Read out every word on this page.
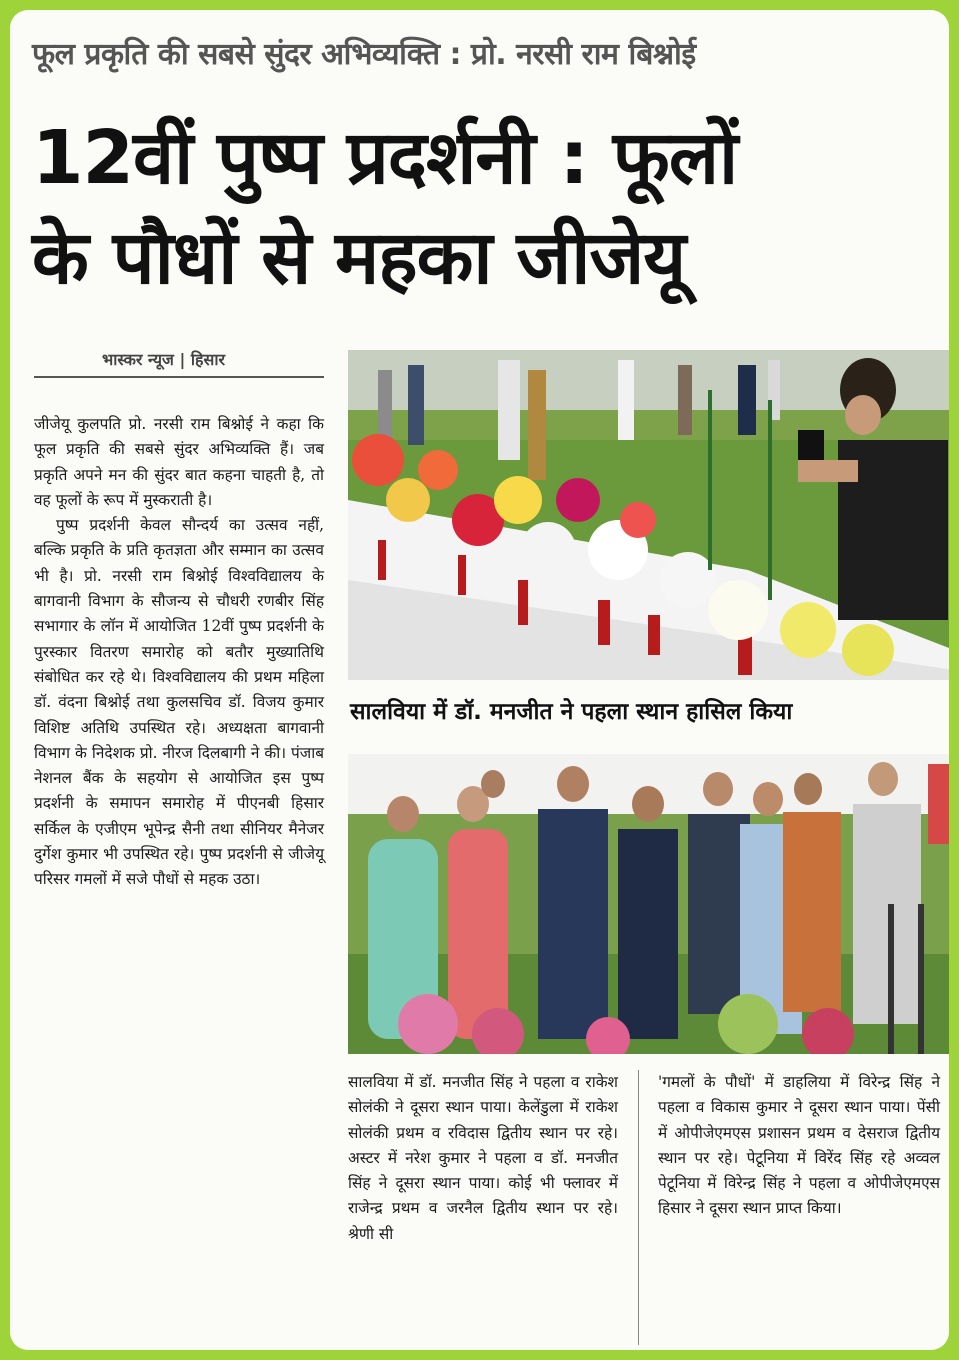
फूल प्रकृति की सबसे सुंदर अभिव्यक्ति : प्रो. नरसी राम बिश्नोई
12वीं पुष्प प्रदर्शनी : फूलों
के पौधों से महका जीजेयू
भास्कर न्यूज | हिसार

जीजेयू कुलपति प्रो. नरसी राम बिश्नोई ने कहा कि फूल प्रकृति की सबसे सुंदर अभिव्यक्ति हैं। जब प्रकृति अपने मन की सुंदर बात कहना चाहती है, तो वह फूलों के रूप में मुस्कराती है।

पुष्प प्रदर्शनी केवल सौन्दर्य का उत्सव नहीं, बल्कि प्रकृति के प्रति कृतज्ञता और सम्मान का उत्सव भी है। प्रो. नरसी राम बिश्नोई विश्वविद्यालय के बागवानी विभाग के सौजन्य से चौधरी रणबीर सिंह सभागार के लॉन में आयोजित 12वीं पुष्प प्रदर्शनी के पुरस्कार वितरण समारोह को बतौर मुख्यातिथि संबोधित कर रहे थे। विश्वविद्यालय की प्रथम महिला डॉ. वंदना बिश्नोई तथा कुलसचिव डॉ. विजय कुमार विशिष्ट अतिथि उपस्थित रहे। अध्यक्षता बागवानी विभाग के निदेशक प्रो. नीरज दिलबागी ने की। पंजाब नेशनल बैंक के सहयोग से आयोजित इस पुष्प प्रदर्शनी के समापन समारोह में पीएनबी हिसार सर्किल के एजीएम भूपेन्द्र सैनी तथा सीनियर मैनेजर दुर्गेश कुमार भी उपस्थित रहे। पुष्प प्रदर्शनी से जीजेयू परिसर गमलों में सजे पौधों से महक उठा।

सालविया में डॉ. मनजीत ने पहला स्थान हासिल किया
सालविया में डॉ. मनजीत सिंह ने पहला व राकेश सोलंकी ने दूसरा स्थान पाया। केलेंडुला में राकेश सोलंकी प्रथम व रविदास द्वितीय स्थान पर रहे। अस्टर में नरेश कुमार ने पहला व डॉ. मनजीत सिंह ने दूसरा स्थान पाया। कोई भी फ्लावर में राजेन्द्र प्रथम व जरनैल द्वितीय स्थान पर रहे। श्रेणी सी
'गमलों के पौधों' में डाहलिया में विरेन्द्र सिंह ने पहला व विकास कुमार ने दूसरा स्थान पाया। पेंसी में ओपीजेएमएस प्रशासन प्रथम व देसराज द्वितीय स्थान पर रहे। पेटूनिया में विरेंद सिंह रहे अव्वल पेटूनिया में विरेन्द्र सिंह ने पहला व ओपीजेएमएस हिसार ने दूसरा स्थान प्राप्त किया।
